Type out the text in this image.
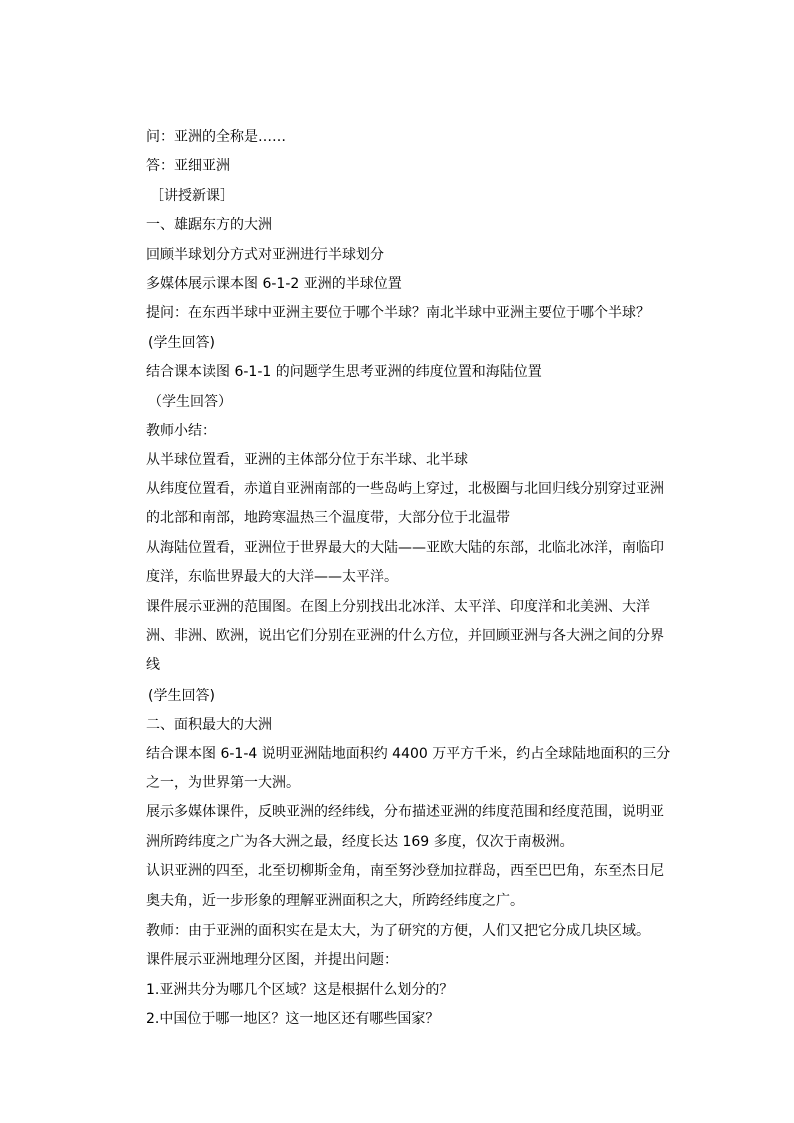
问：亚洲的全称是……
答：亚细亚洲
［讲授新课］
一、雄踞东方的大洲
回顾半球划分方式对亚洲进行半球划分
多媒体展示课本图 6-1-2 亚洲的半球位置
提问：在东西半球中亚洲主要位于哪个半球？南北半球中亚洲主要位于哪个半球？
(学生回答)
结合课本读图 6-1-1 的问题学生思考亚洲的纬度位置和海陆位置
（学生回答）
教师小结：
从半球位置看，亚洲的主体部分位于东半球、北半球
从纬度位置看，赤道自亚洲南部的一些岛屿上穿过，北极圈与北回归线分别穿过亚洲的北部和南部，地跨寒温热三个温度带，大部分位于北温带
从海陆位置看，亚洲位于世界最大的大陆——亚欧大陆的东部，北临北冰洋，南临印度洋，东临世界最大的大洋——太平洋。
课件展示亚洲的范围图。在图上分别找出北冰洋、太平洋、印度洋和北美洲、大洋洲、非洲、欧洲，说出它们分别在亚洲的什么方位，并回顾亚洲与各大洲之间的分界线
(学生回答)
二、面积最大的大洲
结合课本图 6-1-4 说明亚洲陆地面积约 4400 万平方千米，约占全球陆地面积的三分之一，为世界第一大洲。
展示多媒体课件，反映亚洲的经纬线，分布描述亚洲的纬度范围和经度范围，说明亚洲所跨纬度之广为各大洲之最，经度长达 169 多度，仅次于南极洲。
认识亚洲的四至，北至切柳斯金角，南至努沙登加拉群岛，西至巴巴角，东至杰日尼奥夫角，近一步形象的理解亚洲面积之大，所跨经纬度之广。
教师：由于亚洲的面积实在是太大，为了研究的方便，人们又把它分成几块区域。
课件展示亚洲地理分区图，并提出问题：
1.亚洲共分为哪几个区域？这是根据什么划分的？
2.中国位于哪一地区？这一地区还有哪些国家？
